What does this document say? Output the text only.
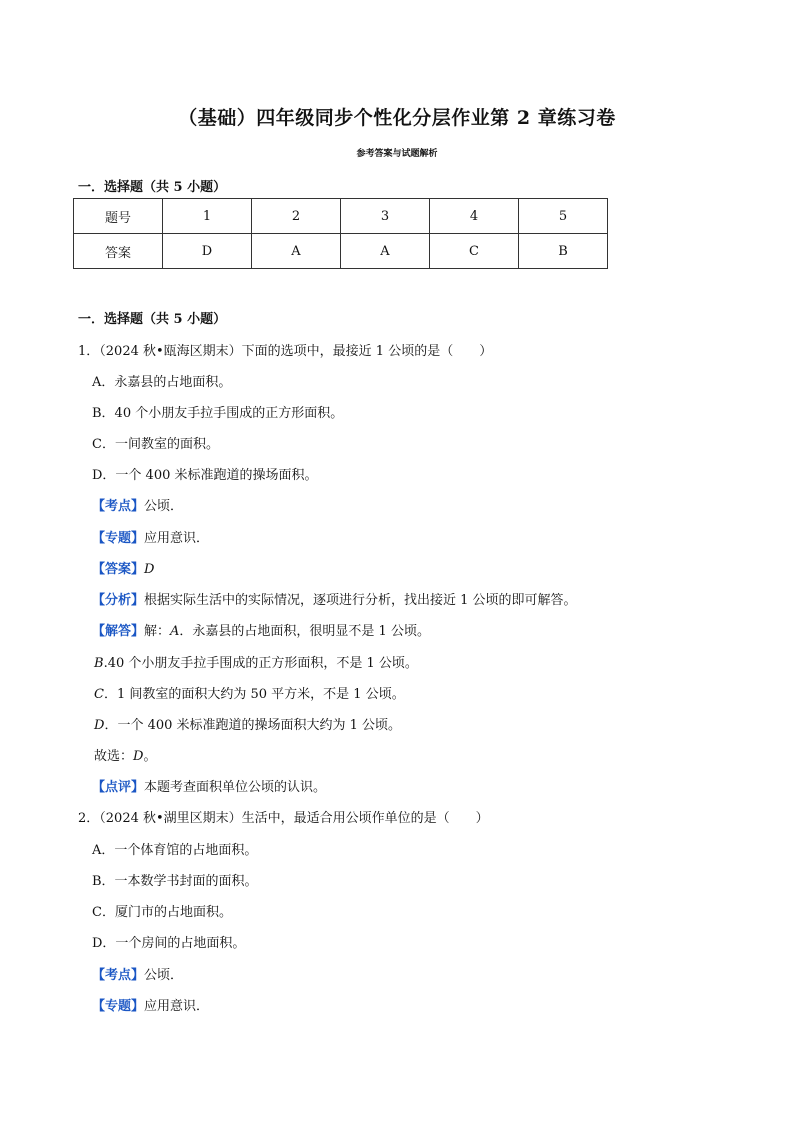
（基础）四年级同步个性化分层作业第 2 章练习卷
参考答案与试题解析
一．选择题（共 5 小题）
题号	1	2	3	4	5
答案	D	A	A	C	B
一．选择题（共 5 小题）
1．（2024 秋•瓯海区期末）下面的选项中，最接近 1 公顷的是（　　）
A．永嘉县的占地面积。
B．40 个小朋友手拉手围成的正方形面积。
C．一间教室的面积。
D．一个 400 米标准跑道的操场面积。
【考点】公顷．
【专题】应用意识．
【答案】D
【分析】根据实际生活中的实际情况，逐项进行分析，找出接近 1 公顷的即可解答。
【解答】解：A．永嘉县的占地面积，很明显不是 1 公顷。
B.40 个小朋友手拉手围成的正方形面积，不是 1 公顷。
C．1 间教室的面积大约为 50 平方米，不是 1 公顷。
D．一个 400 米标准跑道的操场面积大约为 1 公顷。
故选：D。
【点评】本题考查面积单位公顷的认识。
2．（2024 秋•湖里区期末）生活中，最适合用公顷作单位的是（　　）
A．一个体育馆的占地面积。
B．一本数学书封面的面积。
C．厦门市的占地面积。
D．一个房间的占地面积。
【考点】公顷．
【专题】应用意识．
